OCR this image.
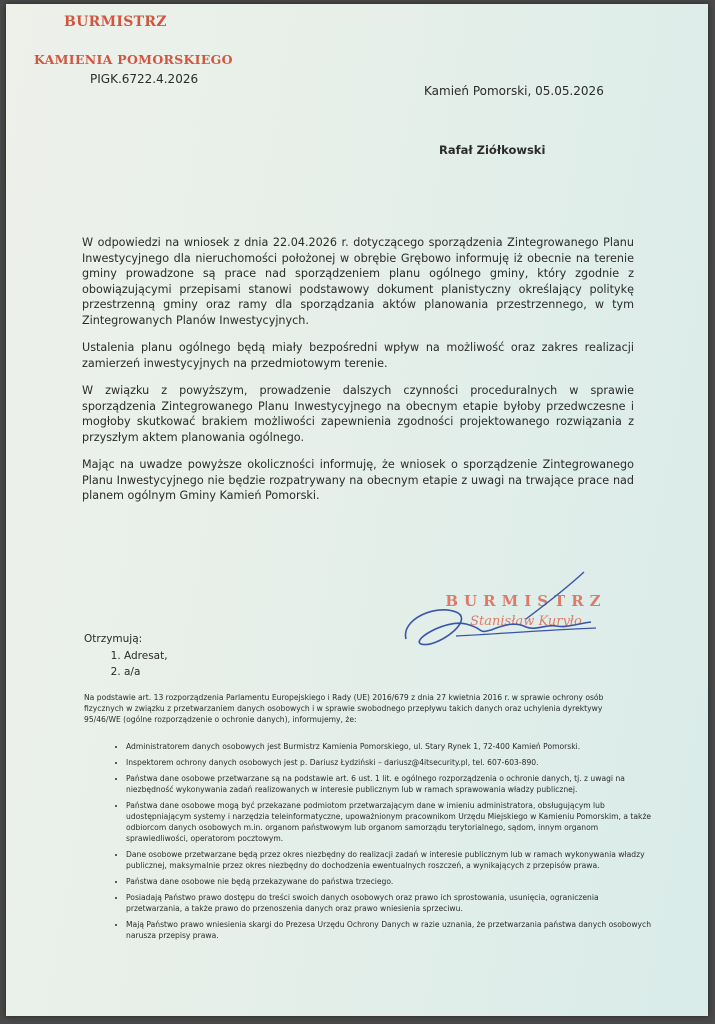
BURMISTRZ
KAMIENIA POMORSKIEGO
PIGK.6722.4.2026
Kamień Pomorski, 05.05.2026
Rafał Ziółkowski

W odpowiedzi na wniosek z dnia 22.04.2026 r. dotyczącego sporządzenia Zintegrowanego Planu Inwestycyjnego dla nieruchomości położonej w obrębie Grębowo informuję iż obecnie na terenie gminy prowadzone są prace nad sporządzeniem planu ogólnego gminy, który zgodnie z obowiązującymi przepisami stanowi podstawowy dokument planistyczny określający politykę przestrzenną gminy oraz ramy dla sporządzania aktów planowania przestrzennego, w tym Zintegrowanych Planów Inwestycyjnych.

Ustalenia planu ogólnego będą miały bezpośredni wpływ na możliwość oraz zakres realizacji zamierzeń inwestycyjnych na przedmiotowym terenie.

W związku z powyższym, prowadzenie dalszych czynności proceduralnych w sprawie sporządzenia Zintegrowanego Planu Inwestycyjnego na obecnym etapie byłoby przedwczesne i mogłoby skutkować brakiem możliwości zapewnienia zgodności projektowanego rozwiązania z przyszłym aktem planowania ogólnego.

Mając na uwadze powyższe okoliczności informuję, że wniosek o sporządzenie Zintegrowanego Planu Inwestycyjnego nie będzie rozpatrywany na obecnym etapie z uwagi na trwające prace nad planem ogólnym Gminy Kamień Pomorski.

BURMISTRZ
Stanisław Kuryło
Otrzymują:
1. Adresat,
2. a/a
Na podstawie art. 13 rozporządzenia Parlamentu Europejskiego i Rady (UE) 2016/679 z dnia 27 kwietnia 2016 r. w sprawie ochrony osób fizycznych w związku z przetwarzaniem danych osobowych i w sprawie swobodnego przepływu takich danych oraz uchylenia dyrektywy 95/46/WE (ogólne rozporządzenie o ochronie danych), informujemy, że:
• Administratorem danych osobowych jest Burmistrz Kamienia Pomorskiego, ul. Stary Rynek 1, 72-400 Kamień Pomorski.
• Inspektorem ochrony danych osobowych jest p. Dariusz Łydziński – dariusz@4itsecurity.pl, tel. 607-603-890.
• Państwa dane osobowe przetwarzane są na podstawie art. 6 ust. 1 lit. e ogólnego rozporządzenia o ochronie danych, tj. z uwagi na niezbędność wykonywania zadań realizowanych w interesie publicznym lub w ramach sprawowania władzy publicznej.
• Państwa dane osobowe mogą być przekazane podmiotom przetwarzającym dane w imieniu administratora, obsługującym lub udostępniającym systemy i narzędzia teleinformatyczne, upoważnionym pracownikom Urzędu Miejskiego w Kamieniu Pomorskim, a także odbiorcom danych osobowych m.in. organom państwowym lub organom samorządu terytorialnego, sądom, innym organom sprawiedliwości, operatorom pocztowym.
• Dane osobowe przetwarzane będą przez okres niezbędny do realizacji zadań w interesie publicznym lub w ramach wykonywania władzy publicznej, maksymalnie przez okres niezbędny do dochodzenia ewentualnych roszczeń, a wynikających z przepisów prawa.
• Państwa dane osobowe nie będą przekazywane do państwa trzeciego.
• Posiadają Państwo prawo dostępu do treści swoich danych osobowych oraz prawo ich sprostowania, usunięcia, ograniczenia przetwarzania, a także prawo do przenoszenia danych oraz prawo wniesienia sprzeciwu.
• Mają Państwo prawo wniesienia skargi do Prezesa Urzędu Ochrony Danych w razie uznania, że przetwarzania państwa danych osobowych narusza przepisy prawa.
